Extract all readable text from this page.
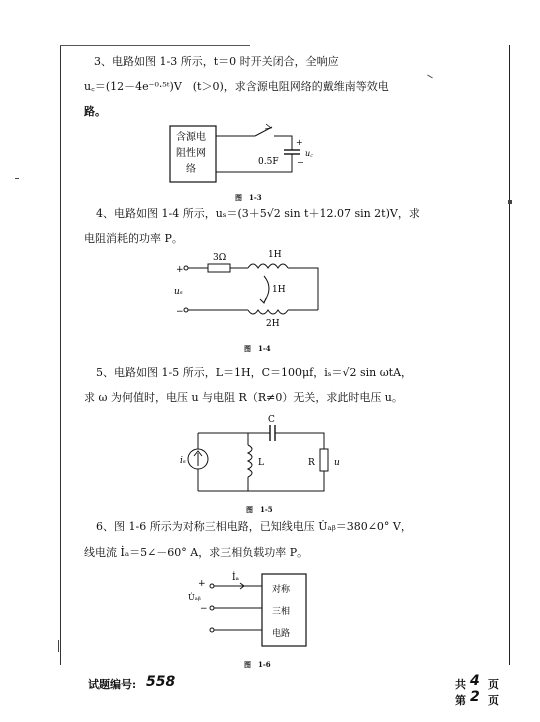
3、电路如图 1-3 所示，t＝0 时开关闭合，全响应
u꜀＝(12－4e⁻⁰·⁵ᵗ)V　(t＞0)，求含源电阻网络的戴维南等效电
路。
含源电
阻性网
络
+
−
u꜀
0.5F
图　1-3
4、电路如图 1-4 所示，uₛ＝(3＋5√2 sin t＋12.07 sin 2t)V，求
电阻消耗的功率 P。
+
−
uₛ
3Ω	1H
2H
1H
图　1-4
5、电路如图 1-5 所示，L＝1H，C＝100μf，iₛ＝√2 sin ωtA，
求 ω 为何值时，电压 u 与电阻 R（R≠0）无关，求此时电压 u。
C
R u
iₛ	L
图　1-5
6、图 1-6 所示为对称三相电路，已知线电压 U̇ₐᵦ＝380∠0° V，
线电流 İₐ＝5∠－60° A，求三相负载功率 P。
对称
三相
电路
İₐ
+
U̇ₐᵦ
−
图　1-6
试题编号: 558	共 4 页
第 2 页
